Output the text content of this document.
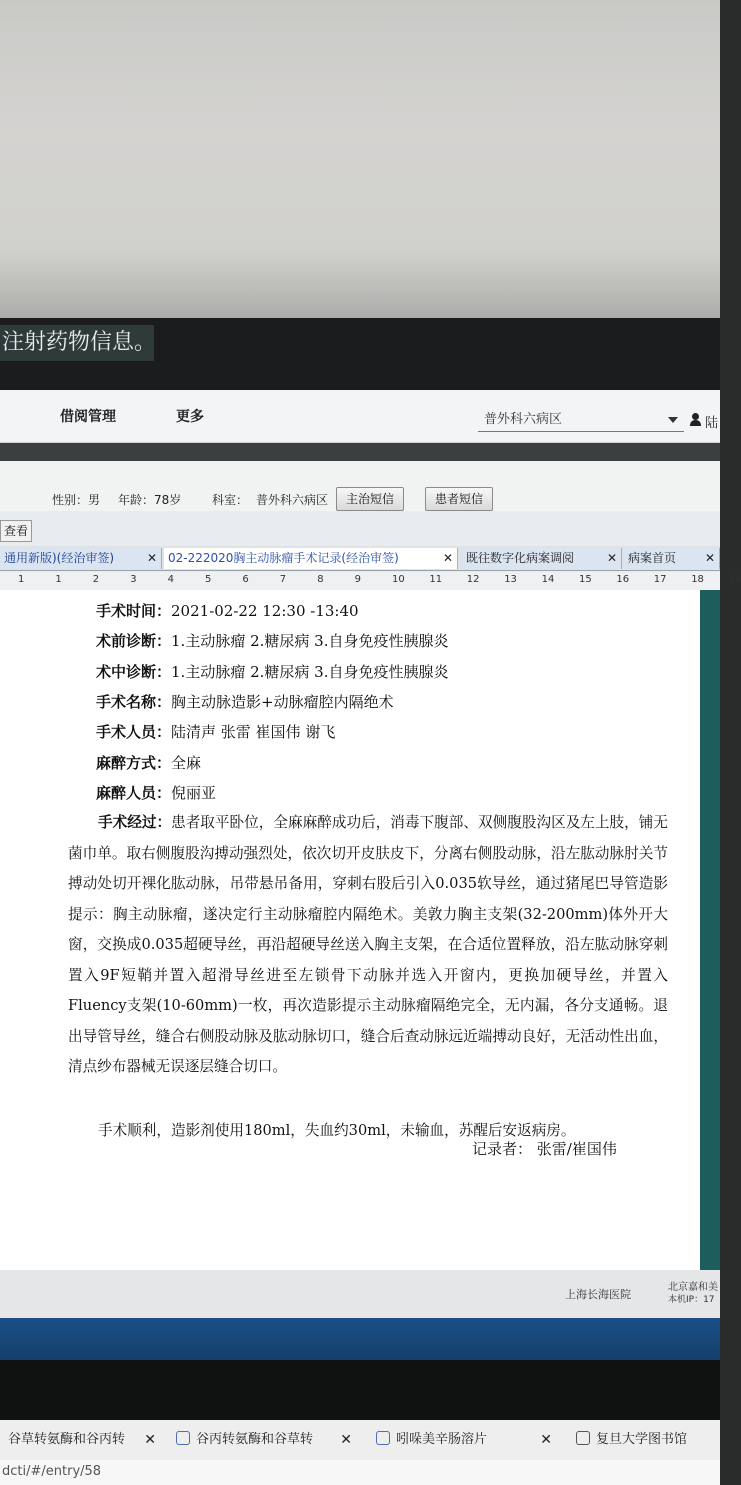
注射药物信息。
借阅管理	更多	普外科六病区	陆
性别：男 年龄：78岁	科室： 普外科六病区	主治短信	患者短信
查看
通用新版)(经治审签)	✕ 02-222020胸主动脉瘤手术记录(经治审签)	✕	既往数字化病案调阅	✕ 病案首页 ✕
1	1	2	3	4	5	6	7	8	9	10 11 12 13 14 15 16 17 18 19
手术时间：2021-02-22 12:30 -13:40
术前诊断：1.主动脉瘤 2.糖尿病 3.自身免疫性胰腺炎
术中诊断：1.主动脉瘤 2.糖尿病 3.自身免疫性胰腺炎
手术名称：胸主动脉造影+动脉瘤腔内隔绝术
手术人员：陆清声 张雷 崔国伟 谢飞
麻醉方式：全麻
麻醉人员：倪丽亚
手术经过：患者取平卧位，全麻麻醉成功后，消毒下腹部、双侧腹股沟区及左上肢，铺无菌巾单。取右侧腹股沟搏动强烈处，依次切开皮肤皮下，分离右侧股动脉，沿左肱动脉肘关节搏动处切开裸化肱动脉，吊带悬吊备用，穿刺右股后引入0.035软导丝，通过猪尾巴导管造影提示：胸主动脉瘤，遂决定行主动脉瘤腔内隔绝术。美敦力胸主支架(32-200mm)体外开大窗，交换成0.035超硬导丝，再沿超硬导丝送入胸主支架，在合适位置释放，沿左肱动脉穿刺置入9F短鞘并置入超滑导丝进至左锁骨下动脉并选入开窗内，更换加硬导丝，并置入Fluency支架(10-60mm)一枚，再次造影提示主动脉瘤隔绝完全，无内漏，各分支通畅。退出导管导丝，缝合右侧股动脉及肱动脉切口，缝合后查动脉远近端搏动良好，无活动性出血，清点纱布器械无误逐层缝合切口。
手术顺利，造影剂使用180ml，失血约30ml，未输血，苏醒后安返病房。
记录者： 张雷/崔国伟
上海长海医院
北京嘉和美
本机IP：17
谷草转氨酶和谷丙转 ✕	谷丙转氨酶和谷草转 ✕	吲哚美辛肠溶片	✕	复旦大学图书馆
dcti/#/entry/58
